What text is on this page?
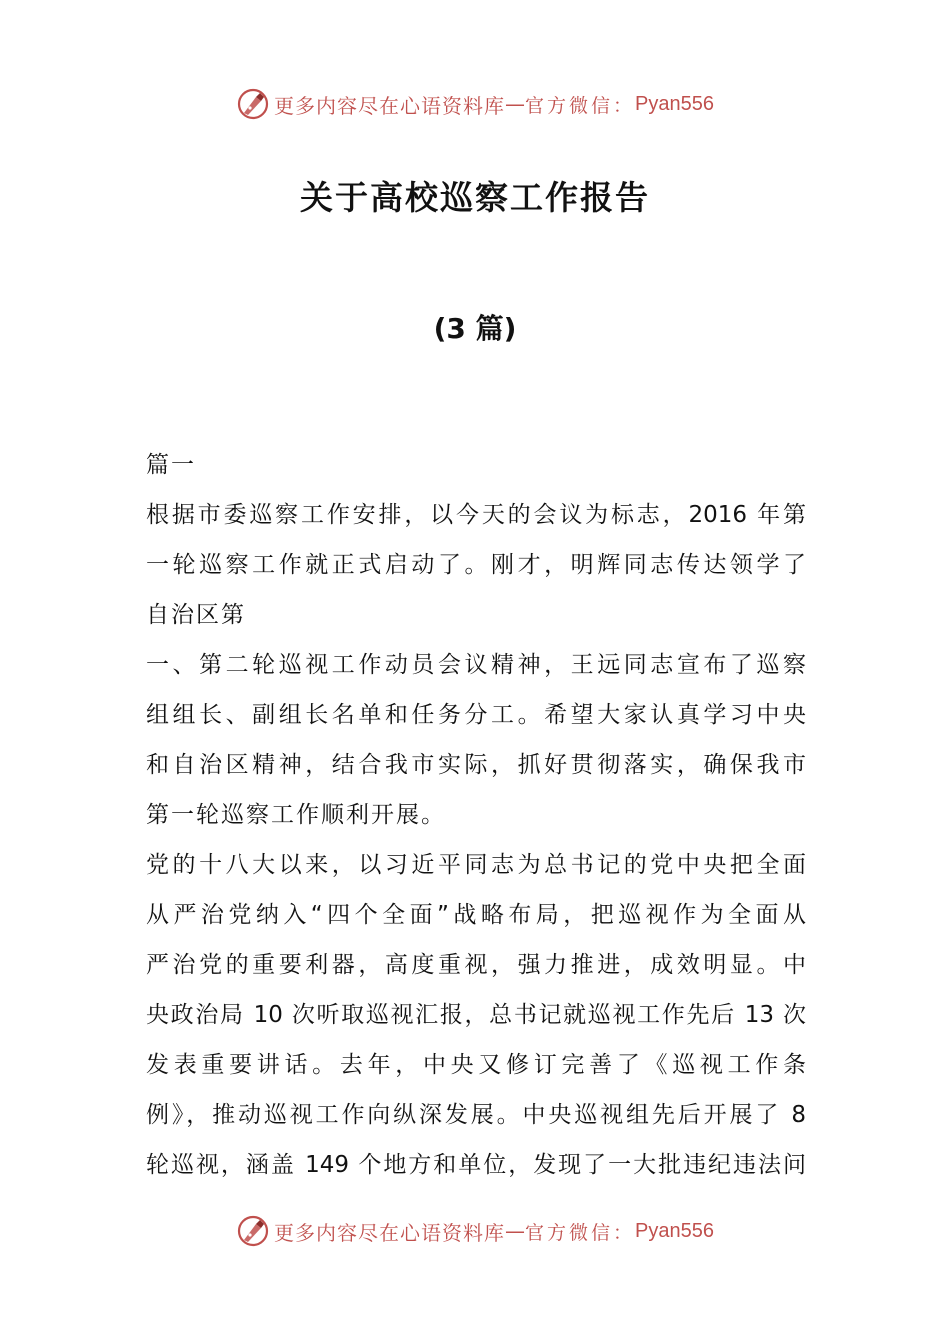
更多内容尽在心语资料库 — 官方微信： Pyan556
关于高校巡察工作报告
(3 篇)
篇一
根据市委巡察工作安排，以今天的会议为标志，2016 年第
一轮巡察工作就正式启动了。刚才，明辉同志传达领学了
自治区第
一、第二轮巡视工作动员会议精神，王远同志宣布了巡察
组组长、副组长名单和任务分工。希望大家认真学习中央
和自治区精神，结合我市实际，抓好贯彻落实，确保我市
第一轮巡察工作顺利开展。
党的十八大以来，以习近平同志为总书记的党中央把全面
从严治党纳入“四个全面”战略布局，把巡视作为全面从
严治党的重要利器，高度重视，强力推进，成效明显。中
央政治局 10 次听取巡视汇报，总书记就巡视工作先后 13 次
发表重要讲话。去年，中央又修订完善了《巡视工作条
例》，推动巡视工作向纵深发展。中央巡视组先后开展了 8
轮巡视，涵盖 149 个地方和单位，发现了一大批违纪违法问
更多内容尽在心语资料库 — 官方微信： Pyan556
